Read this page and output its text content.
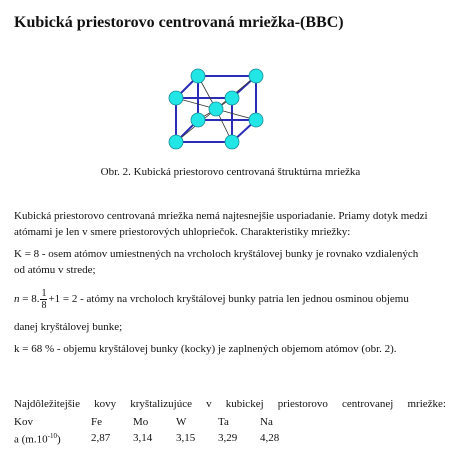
Kubická priestorovo centrovaná mriežka-(BBC)
Obr. 2. Kubická priestorovo centrovaná štruktúrna mriežka
Kubická priestorovo centrovaná mriežka nemá najtesnejšie usporiadanie. Priamy dotyk medzi
atómami je len v smere priestorových uhlopriečok. Charakteristiky mriežky:
K = 8 - osem atómov umiestnených na vrcholoch kryštálovej bunky je rovnako vzdialených
od atómu v strede;
n = 8. $\frac{1}{8} +1 = 2$ - atómy na vrcholoch kryštálovej bunky patria len jednou osminou objemu
danej kryštálovej bunke;
k = 68 % - objemu kryštálovej bunky (kocky) je zaplnených objemom atómov (obr. 2).
Najdôležitejšie kovy kryštalizujúce v kubickej priestorovo centrovanej mriežke:
Kov	Fe	Mo	W	Ta	Na
a $(m.10^{-10})$	2,87 3,14 3,15 3,29 4,28
